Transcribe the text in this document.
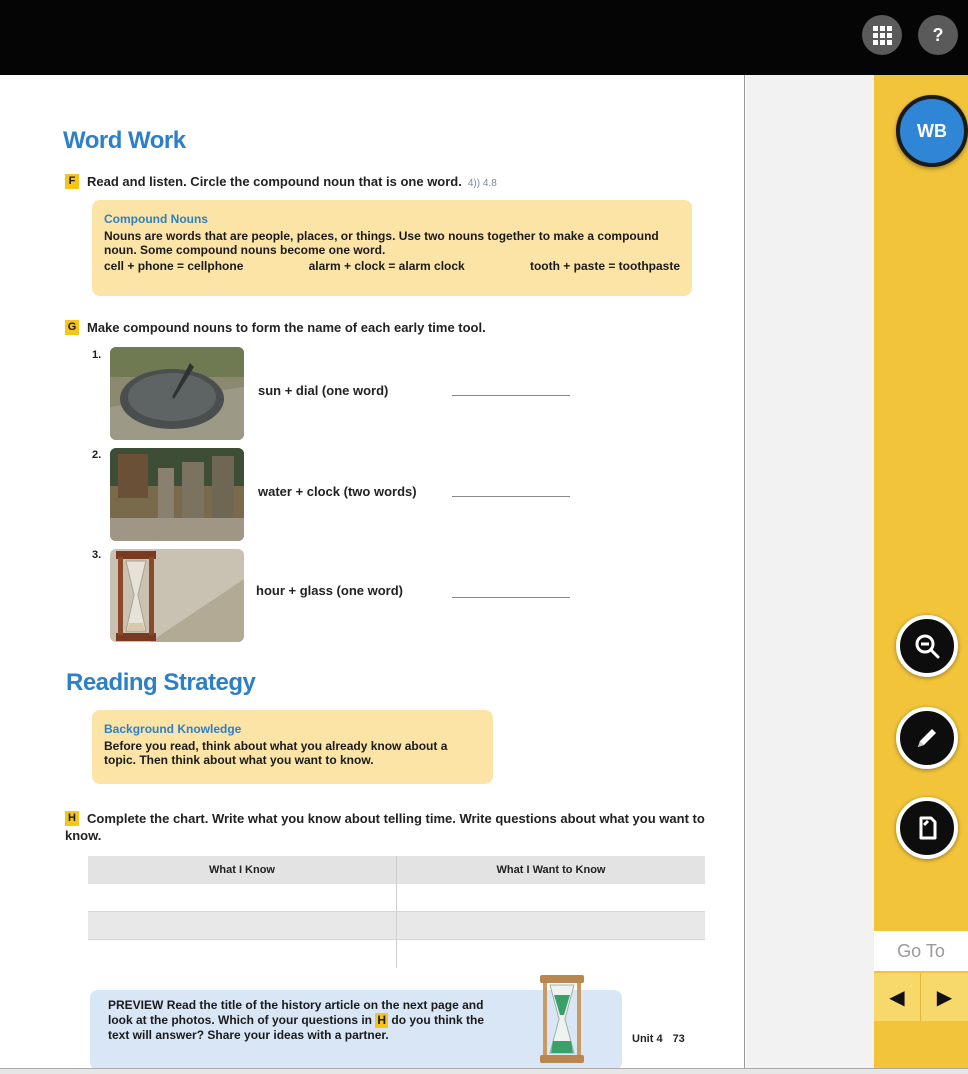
?
Word Work
F Read and listen. Circle the compound noun that is one word. 4)) 4.8
Compound Nouns
Nouns are words that are people, places, or things. Use two nouns together to make a compound noun. Some compound nouns become one word.
cell + phone = cellphone	alarm + clock = alarm clock	tooth + paste = toothpaste
G Make compound nouns to form the name of each early time tool.
1.
sun + dial (one word)
2.
water + clock (two words)
3.
hour + glass (one word)
Reading Strategy
Background Knowledge
Before you read, think about what you already know about a topic. Then think about what you want to know.
H Complete the chart. Write what you know about telling time. Write questions about what you want to know.
What I Know	What I Want to Know
PREVIEW Read the title of the history article on the next page and look at the photos. Which of your questions in H do you think the text will answer? Share your ideas with a partner.	Unit 4 73
WB
Go To
◀	▶
